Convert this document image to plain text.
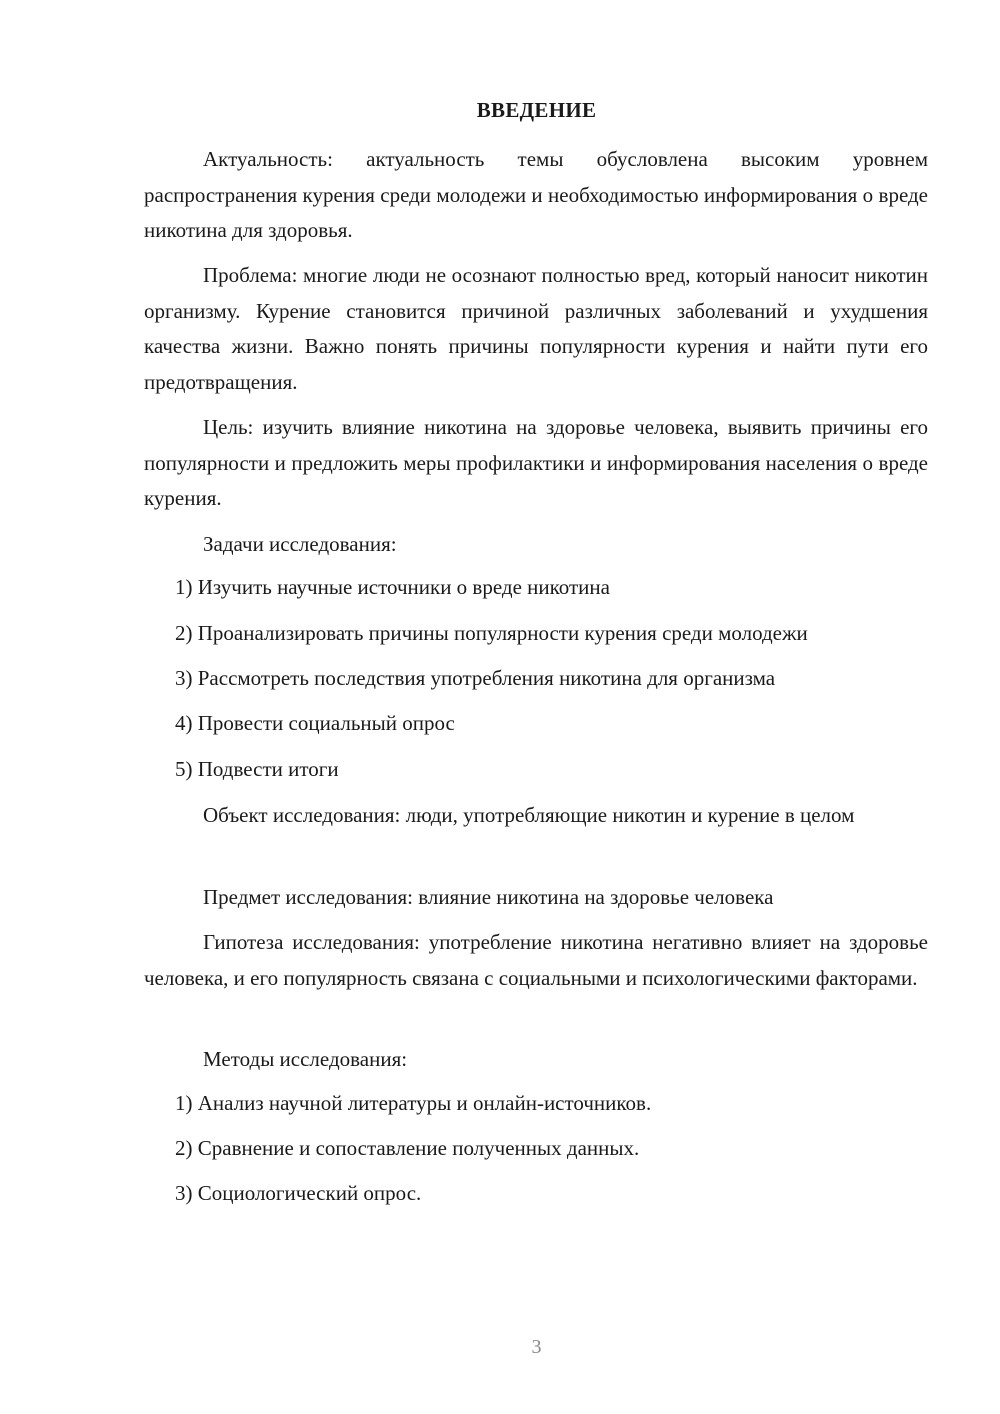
ВВЕДЕНИЕ

Актуальность: актуальность темы обусловлена высоким уровнем распространения курения среди молодежи и необходимостью информирования о вреде никотина для здоровья.

Проблема: многие люди не осознают полностью вред, который наносит никотин организму. Курение становится причиной различных заболеваний и ухудшения качества жизни. Важно понять причины популярности курения и найти пути его предотвращения.

Цель: изучить влияние никотина на здоровье человека, выявить причины его популярности и предложить меры профилактики и информирования населения о вреде курения.

Задачи исследования:

1) Изучить научные источники о вреде никотина
2) Проанализировать причины популярности курения среди молодежи
3) Рассмотреть последствия употребления никотина для организма
4) Провести социальный опрос
5) Подвести итоги

Объект исследования: люди, употребляющие никотин и курение в целом

Предмет исследования: влияние никотина на здоровье человека

Гипотеза исследования: употребление никотина негативно влияет на здоровье человека, и его популярность связана с социальными и психологическими факторами.

Методы исследования:

1) Анализ научной литературы и онлайн-источников.
2) Сравнение и сопоставление полученных данных.
3) Социологический опрос.
3
